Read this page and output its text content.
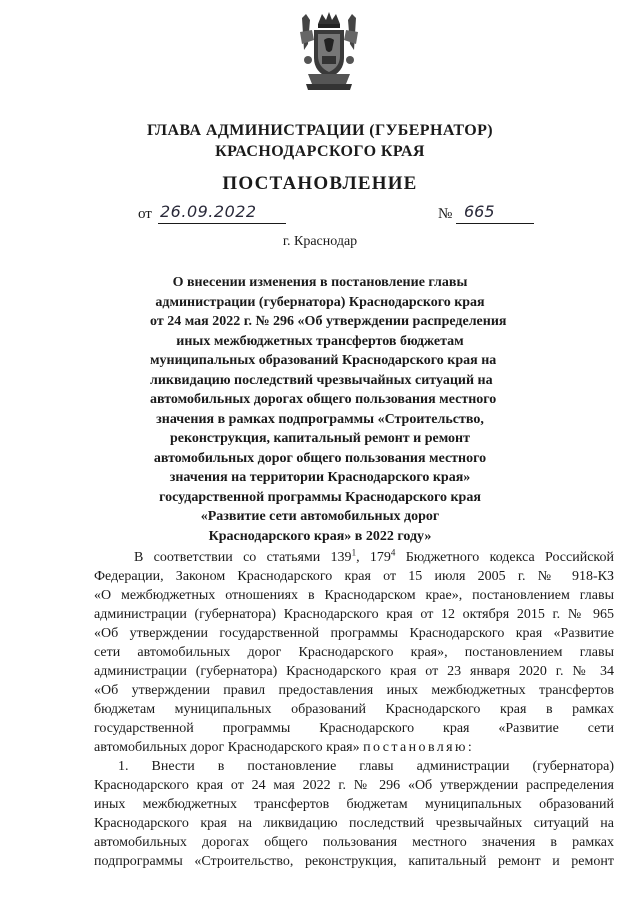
ГЛАВА АДМИНИСТРАЦИИ (ГУБЕРНАТОР)
КРАСНОДАРСКОГО КРАЯ
ПОСТАНОВЛЕНИЕ
от 26.09.2022	№ 665
г. Краснодар
О внесении изменения в постановление главы
администрации (губернатора) Краснодарского края
от 24 мая 2022 г. № 296 «Об утверждении распределения
иных межбюджетных трансфертов бюджетам
муниципальных образований Краснодарского края на
ликвидацию последствий чрезвычайных ситуаций на
автомобильных дорогах общего пользования местного
значения в рамках подпрограммы «Строительство,
реконструкция, капитальный ремонт и ремонт
автомобильных дорог общего пользования местного
значения на территории Краснодарского края»
государственной программы Краснодарского края
«Развитие сети автомобильных дорог
Краснодарского края» в 2022 году»
В соответствии со статьями $139^1$, $179^4$ Бюджетного кодекса Российской
Федерации, Законом Краснодарского края от 15 июля 2005 г. № 918-КЗ
«О межбюджетных отношениях в Краснодарском крае», постановлением главы
администрации (губернатора) Краснодарского края от 12 октября 2015 г. № 965
«Об утверждении государственной программы Краснодарского края «Развитие
сети автомобильных дорог Краснодарского края», постановлением главы
администрации (губернатора) Краснодарского края от 23 января 2020 г. № 34
«Об утверждении правил предоставления иных межбюджетных трансфертов
бюджетам муниципальных образований Краснодарского края в рамках
государственной программы Краснодарского края «Развитие сети
автомобильных дорог Краснодарского края» постановляю:
1. Внести в постановление главы администрации (губернатора)
Краснодарского края от 24 мая 2022 г. № 296 «Об утверждении распределения
иных межбюджетных трансфертов бюджетам муниципальных образований
Краснодарского края на ликвидацию последствий чрезвычайных ситуаций на
автомобильных дорогах общего пользования местного значения в рамках
подпрограммы «Строительство, реконструкция, капитальный ремонт и ремонт
